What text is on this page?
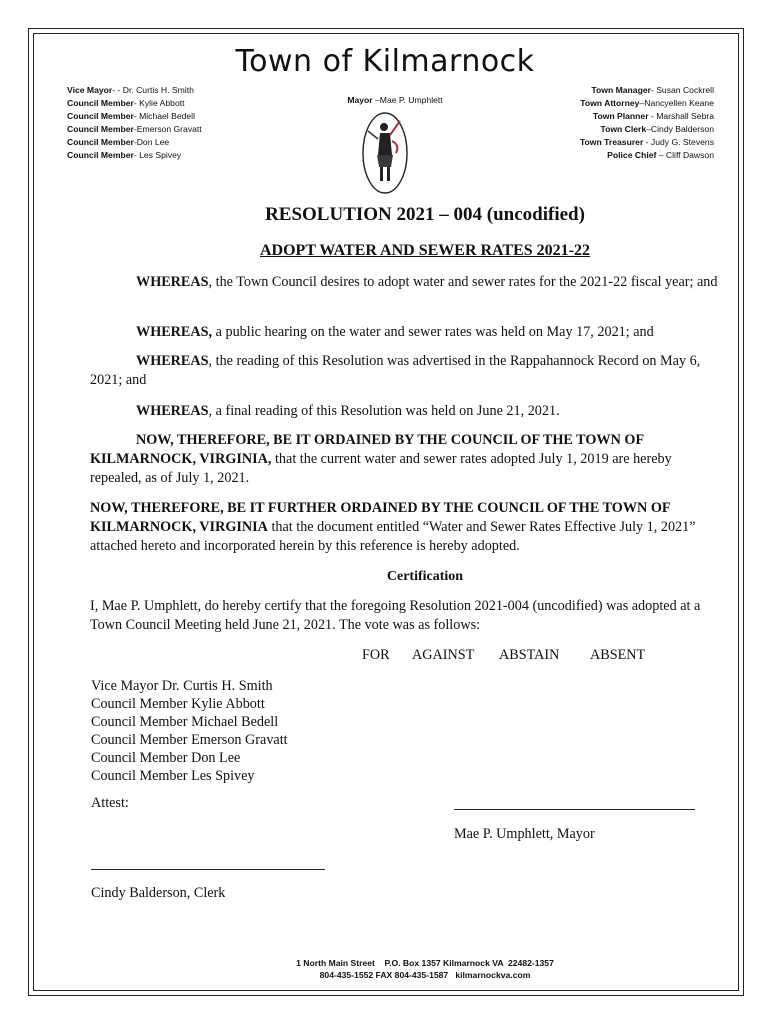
Town of Kilmarnock
Vice Mayor- - Dr. Curtis H. Smith
Council Member- Kylie Abbott
Council Member- Michael Bedell
Council Member-Emerson Gravatt
Council Member-Don Lee
Council Member- Les Spivey
Mayor –Mae P. Umphlett
Town Manager- Susan Cockrell
Town Attorney–Nancyellen Keane
Town Planner - Marshall Sebra
Town Clerk–Cindy Balderson
Town Treasurer - Judy G. Stevens
Police Chief – Cliff Dawson
RESOLUTION 2021 – 004 (uncodified)
ADOPT WATER AND SEWER RATES 2021-22
WHEREAS, the Town Council desires to adopt water and sewer rates for the 2021-22 fiscal year; and
WHEREAS, a public hearing on the water and sewer rates was held on May 17, 2021; and
WHEREAS, the reading of this Resolution was advertised in the Rappahannock Record on May 6, 2021; and
WHEREAS, a final reading of this Resolution was held on June 21, 2021.
NOW, THEREFORE, BE IT ORDAINED BY THE COUNCIL OF THE TOWN OF KILMARNOCK, VIRGINIA, that the current water and sewer rates adopted July 1, 2019 are hereby repealed, as of July 1, 2021.
NOW, THEREFORE, BE IT FURTHER ORDAINED BY THE COUNCIL OF THE TOWN OF KILMARNOCK, VIRGINIA that the document entitled “Water and Sewer Rates Effective July 1, 2021” attached hereto and incorporated herein by this reference is hereby adopted.
Certification
I, Mae P. Umphlett, do hereby certify that the foregoing Resolution 2021-004 (uncodified) was adopted at a Town Council Meeting held June 21, 2021. The vote was as follows:
FOR AGAINST ABSTAIN ABSENT
Vice Mayor Dr. Curtis H. Smith
Council Member Kylie Abbott
Council Member Michael Bedell
Council Member Emerson Gravatt
Council Member Don Lee
Council Member Les Spivey
Attest:
Mae P. Umphlett, Mayor
Cindy Balderson, Clerk
1 North Main Street    P.O. Box 1357 Kilmarnock VA  22482-1357
804-435-1552 FAX 804-435-1587   kilmarnockva.com
